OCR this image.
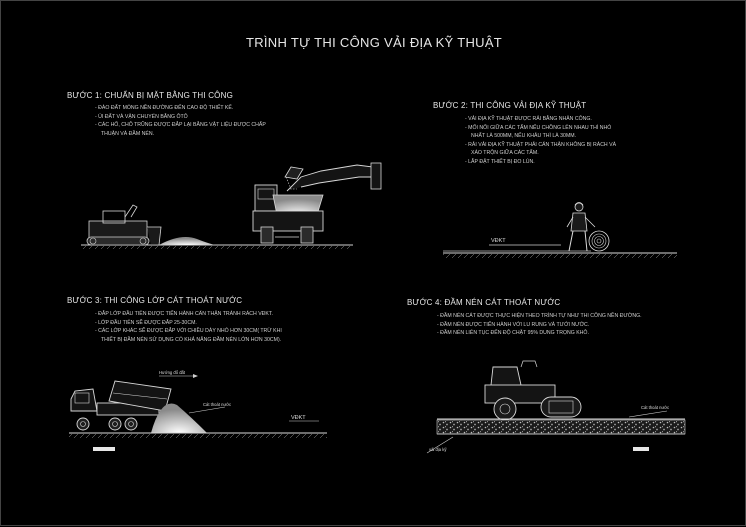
TRÌNH TỰ THI CÔNG VẢI ĐỊA KỸ THUẬT
BƯỚC 1: CHUẨN BỊ MẶT BẰNG THI CÔNG
- ĐÀO ĐẤT MÓNG NỀN ĐƯỜNG ĐẾN CAO ĐỘ THIẾT KẾ.
- ỦI ĐẤT VÀ VẬN CHUYỂN BẰNG ÔTÔ
- CÁC HỐ, CHỖ TRŨNG ĐƯỢC ĐẮP LẠI BẰNG VẬT LIỆU ĐƯỢC CHẤP
THUẬN VÀ ĐẦM NÉN.
BƯỚC 2: THI CÔNG VẢI ĐỊA KỸ THUẬT
- VẢI ĐỊA KỸ THUẬT ĐƯỢC RẢI BẰNG NHÂN CÔNG.
- MỐI NỐI GIỮA CÁC TẤM NẾU CHỒNG LÊN NHAU THÌ NHỎ
NHẤT LÀ 500MM, NẾU KHÂU THÌ LÀ 30MM.
- RẢI VẢI ĐỊA KỸ THUẬT PHẢI CẨN THẬN KHÔNG BỊ RÁCH VÀ
XÁO TRỘN GIỮA CÁC TẤM.
- LẮP ĐẶT THIẾT BỊ ĐO LÚN.
BƯỚC 3: THI CÔNG LỚP CÁT THOÁT NƯỚC
- ĐẮP LỚP ĐẦU TIÊN ĐƯỢC TIẾN HÀNH CẨN THẬN TRÁNH RÁCH VĐKT.
- LỚP ĐẦU TIÊN SẼ ĐƯỢC ĐẮP 25-30CM.
- CÁC LỚP KHÁC SẼ ĐƯỢC ĐẮP VỚI CHIỀU DÀY NHỎ HƠN 30CM( TRỪ KHI
THIẾT BỊ ĐẦM NÉN SỬ DỤNG CÓ KHẢ NĂNG ĐẦM NÉN LỚN HƠN 30CM).
BƯỚC 4: ĐẦM NÉN CÁT THOÁT NƯỚC
- ĐẦM NÉN CÁT ĐƯỢC THỰC HIỆN THEO TRÌNH TỰ NHƯ THI CÔNG NỀN ĐƯỜNG.
- ĐẦM NÉN ĐƯỢC TIẾN HÀNH VỚI LU RUNG VÀ TƯỚI NƯỚC.
- ĐẦM NÉN LIÊN TỤC ĐẾN ĐỘ CHẶT 95% DUNG TRỌNG KHÔ.
VĐKT
Hướng đổ đất
Cát thoát nước
VĐKT
Cát thoát nước
vải địa kỹ
